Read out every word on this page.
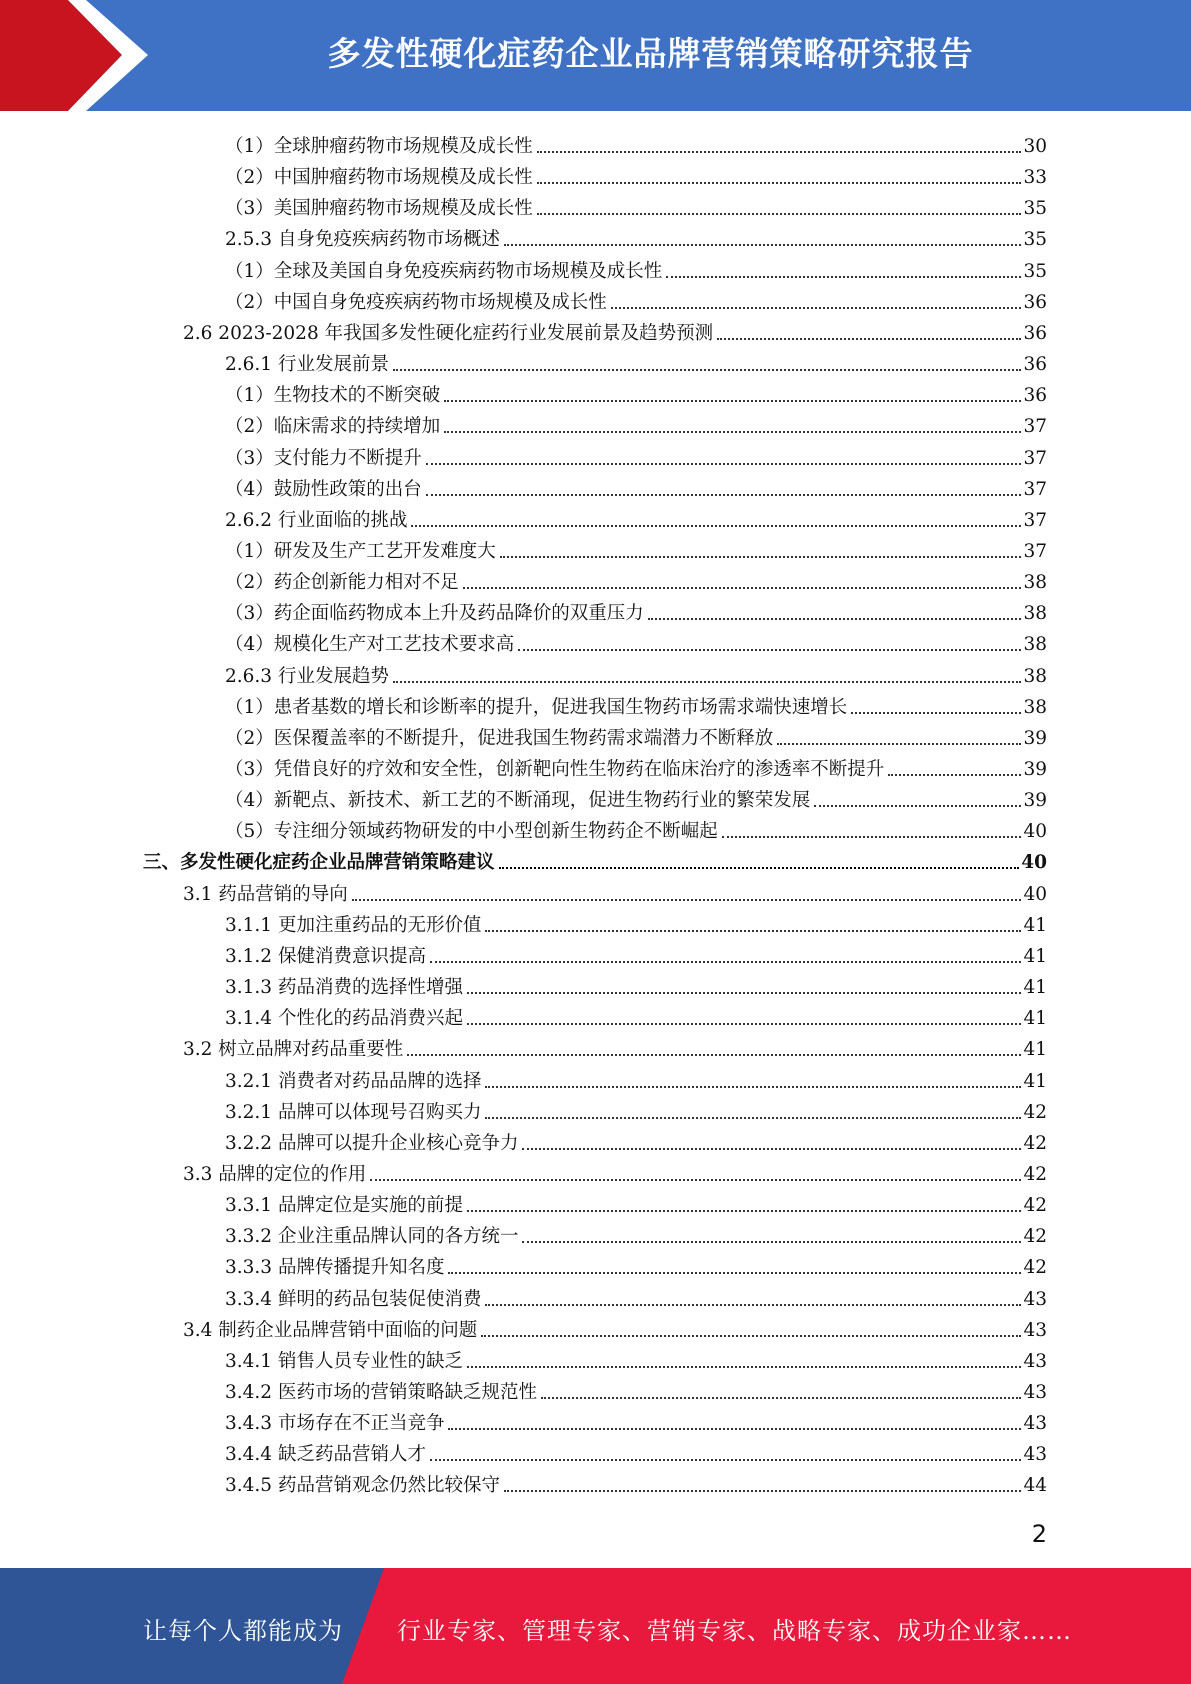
多发性硬化症药企业品牌营销策略研究报告
（1）全球肿瘤药物市场规模及成长性	30
（2）中国肿瘤药物市场规模及成长性	33
（3）美国肿瘤药物市场规模及成长性	35
2.5.3 自身免疫疾病药物市场概述	35
（1）全球及美国自身免疫疾病药物市场规模及成长性	35
（2）中国自身免疫疾病药物市场规模及成长性	36
2.6 2023-2028 年我国多发性硬化症药行业发展前景及趋势预测	36
2.6.1 行业发展前景	36
（1）生物技术的不断突破	36
（2）临床需求的持续增加	37
（3）支付能力不断提升	37
（4）鼓励性政策的出台	37
2.6.2 行业面临的挑战	37
（1）研发及生产工艺开发难度大	37
（2）药企创新能力相对不足	38
（3）药企面临药物成本上升及药品降价的双重压力	38
（4）规模化生产对工艺技术要求高	38
2.6.3 行业发展趋势	38
（1）患者基数的增长和诊断率的提升，促进我国生物药市场需求端快速增长	38
（2）医保覆盖率的不断提升，促进我国生物药需求端潜力不断释放	39
（3）凭借良好的疗效和安全性，创新靶向性生物药在临床治疗的渗透率不断提升	39
（4）新靶点、新技术、新工艺的不断涌现，促进生物药行业的繁荣发展	39
（5）专注细分领域药物研发的中小型创新生物药企不断崛起	40
三、多发性硬化症药企业品牌营销策略建议	40
3.1 药品营销的导向	40
3.1.1 更加注重药品的无形价值	41
3.1.2 保健消费意识提高	41
3.1.3 药品消费的选择性增强	41
3.1.4 个性化的药品消费兴起	41
3.2 树立品牌对药品重要性	41
3.2.1 消费者对药品品牌的选择	41
3.2.1 品牌可以体现号召购买力	42
3.2.2 品牌可以提升企业核心竞争力	42
3.3 品牌的定位的作用	42
3.3.1 品牌定位是实施的前提	42
3.3.2 企业注重品牌认同的各方统一	42
3.3.3 品牌传播提升知名度	42
3.3.4 鲜明的药品包装促使消费	43
3.4 制药企业品牌营销中面临的问题	43
3.4.1 销售人员专业性的缺乏	43
3.4.2 医药市场的营销策略缺乏规范性	43
3.4.3 市场存在不正当竞争	43
3.4.4 缺乏药品营销人才	43
3.4.5 药品营销观念仍然比较保守	44
2
让每个人都能成为 行业专家、管理专家、营销专家、战略专家、成功企业家……
